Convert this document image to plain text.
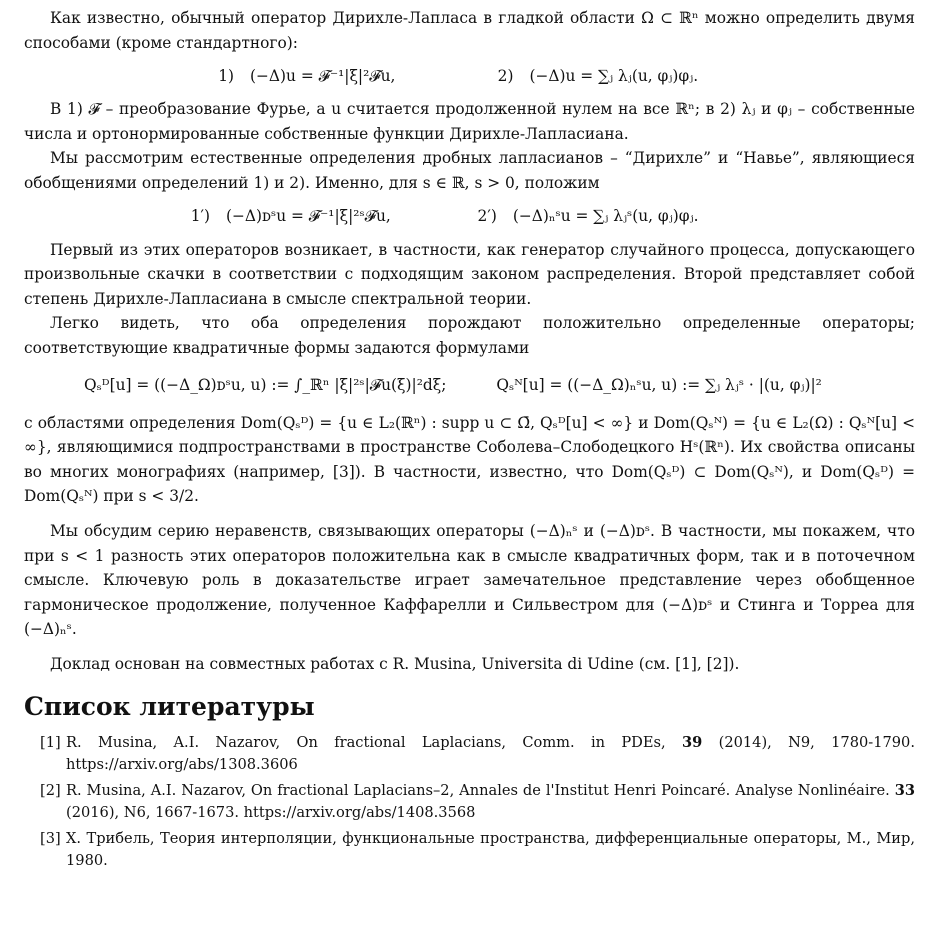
Как известно, обычный оператор Дирихле-Лапласа в гладкой области Ω ⊂ ℝⁿ можно определить двумя способами (кроме стандартного):

1) (−Δ)u = 𝓕⁻¹|ξ|²𝓕u,	2) (−Δ)u = ∑ⱼ λⱼ(u, φⱼ)φⱼ.

В 1) 𝓕 – преобразование Фурье, а u считается продолженной нулем на все ℝⁿ; в 2) λⱼ и φⱼ – собственные числа и ортонормированные собственные функции Дирихле-Лапласиана.

Мы рассмотрим естественные определения дробных лапласианов – “Дирихле” и “Навье”, являющиеся обобщениями определений 1) и 2). Именно, для s ∈ ℝ, s > 0, положим

1′) (−Δ)ᴅˢu = 𝓕⁻¹|ξ|²ˢ𝓕u,	2′) (−Δ)ₙˢu = ∑ⱼ λⱼˢ(u, φⱼ)φⱼ.

Первый из этих операторов возникает, в частности, как генератор случайного процесса, допускающего произвольные скачки в соответствии с подходящим законом распределения. Второй представляет собой степень Дирихле-Лапласиана в смысле спектральной теории.

Легко видеть, что оба определения порождают положительно определенные операторы; соответствующие квадратичные формы задаются формулами

Qₛᴰ[u] = ((−Δ_Ω)ᴅˢu, u) := ∫_ℝⁿ |ξ|²ˢ|𝓕u(ξ)|²dξ;	Qₛᴺ[u] = ((−Δ_Ω)ₙˢu, u) := ∑ⱼ λⱼˢ · |(u, φⱼ)|²

с областями определения Dom(Qₛᴰ) = {u ∈ L₂(ℝⁿ) : supp u ⊂ Ω̄, Qₛᴰ[u] < ∞} и Dom(Qₛᴺ) = {u ∈ L₂(Ω) : Qₛᴺ[u] < ∞}, являющимися подпространствами в пространстве Соболева–Слободецкого Hˢ(ℝⁿ). Их свойства описаны во многих монографиях (например, [3]). В частности, известно, что Dom(Qₛᴰ) ⊂ Dom(Qₛᴺ), и Dom(Qₛᴰ) = Dom(Qₛᴺ) при s < 3/2.

Мы обсудим серию неравенств, связывающих операторы (−Δ)ₙˢ и (−Δ)ᴅˢ. В частности, мы покажем, что при s < 1 разность этих операторов положительна как в смысле квадратичных форм, так и в поточечном смысле. Ключевую роль в доказательстве играет замечательное представление через обобщенное гармоническое продолжение, полученное Каффарелли и Сильвестром для (−Δ)ᴅˢ и Стинга и Торреа для (−Δ)ₙˢ.

Доклад основан на совместных работах с R. Musina, Universita di Udine (см. [1], [2]).

Список литературы
[1] R. Musina, A.I. Nazarov, On fractional Laplacians, Comm. in PDEs, 39 (2014), N9, 1780-1790. https://arxiv.org/abs/1308.3606
[2] R. Musina, A.I. Nazarov, On fractional Laplacians–2, Annales de l'Institut Henri Poincaré. Analyse Nonlinéaire. 33 (2016), N6, 1667-1673. https://arxiv.org/abs/1408.3568
[3] Х. Трибель, Теория интерполяции, функциональные пространства, дифференциальные операторы, М., Мир, 1980.
